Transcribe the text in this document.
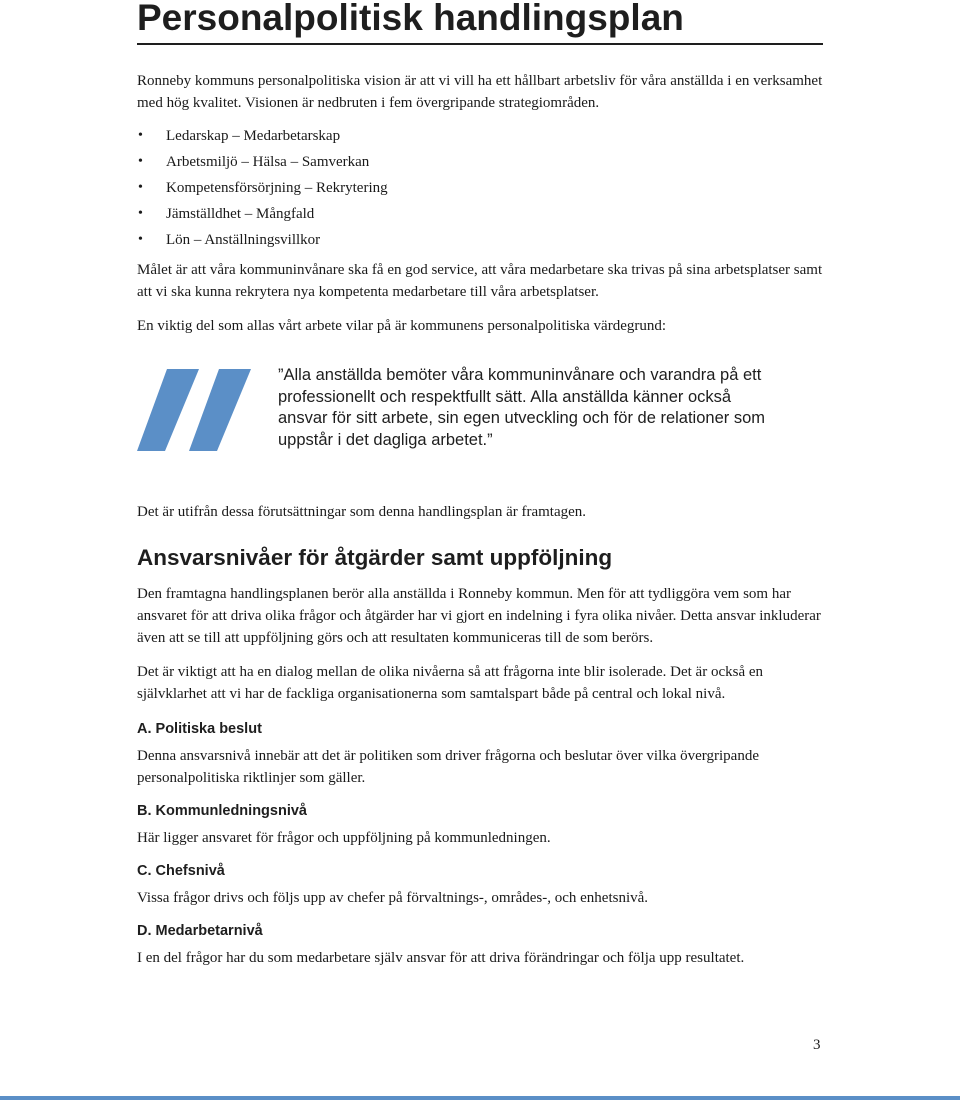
Personalpolitisk handlingsplan

Ronneby kommuns personalpolitiska vision är att vi vill ha ett hållbart arbetsliv för våra anställda i en verksamhet med hög kvalitet. Visionen är nedbruten i fem övergripande strategiområden.

• Ledarskap – Medarbetarskap
• Arbetsmiljö – Hälsa – Samverkan
• Kompetensförsörjning – Rekrytering
• Jämställdhet – Mångfald
• Lön – Anställningsvillkor

Målet är att våra kommuninvånare ska få en god service, att våra medarbetare ska trivas på sina arbetsplatser samt att vi ska kunna rekrytera nya kompetenta medarbetare till våra arbetsplatser.

En viktig del som allas vårt arbete vilar på är kommunens personalpolitiska värdegrund:

”Alla anställda bemöter våra kommuninvånare och varandra på ett professionellt och respektfullt sätt. Alla anställda känner också ansvar för sitt arbete, sin egen utveckling och för de relationer som uppstår i det dagliga arbetet.”

Det är utifrån dessa förutsättningar som denna handlingsplan är framtagen.

Ansvarsnivåer för åtgärder samt uppföljning

Den framtagna handlingsplanen berör alla anställda i Ronneby kommun. Men för att tydliggöra vem som har ansvaret för att driva olika frågor och åtgärder har vi gjort en indelning i fyra olika nivåer. Detta ansvar inkluderar även att se till att uppföljning görs och att resultaten kommuniceras till de som berörs.

Det är viktigt att ha en dialog mellan de olika nivåerna så att frågorna inte blir isolerade. Det är också en självklarhet att vi har de fackliga organisationerna som samtalspart både på central och lokal nivå.

A. Politiska beslut

Denna ansvarsnivå innebär att det är politiken som driver frågorna och beslutar över vilka övergripande personalpolitiska riktlinjer som gäller.

B. Kommunledningsnivå

Här ligger ansvaret för frågor och uppföljning på kommunledningen.

C. Chefsnivå

Vissa frågor drivs och följs upp av chefer på förvaltnings-, områdes-, och enhetsnivå.

D. Medarbetarnivå

I en del frågor har du som medarbetare själv ansvar för att driva förändringar och följa upp resultatet.

3
